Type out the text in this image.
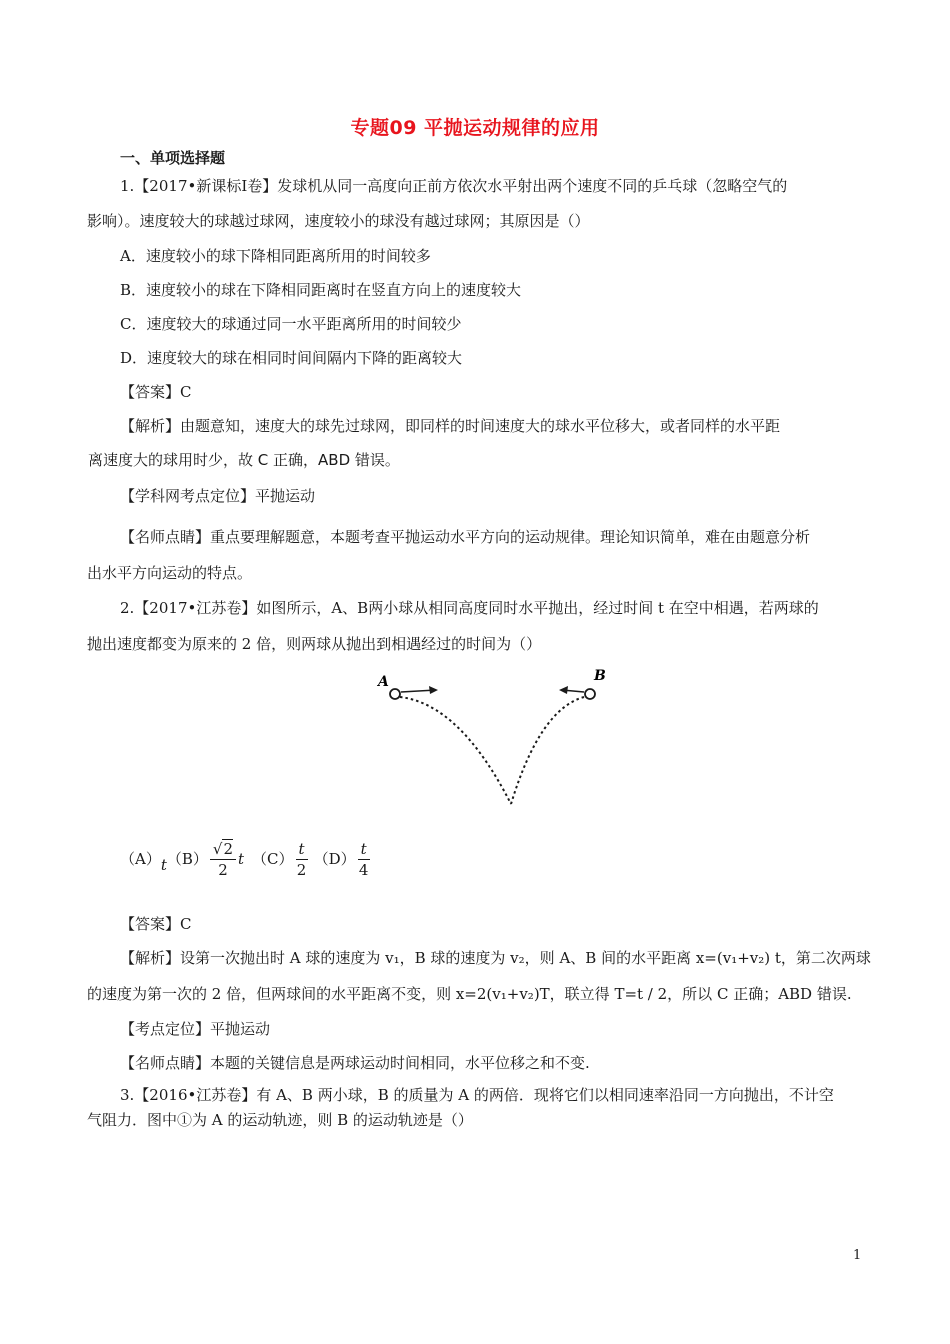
专题09 平抛运动规律的应用
一、单项选择题
1.【2017•新课标Ⅰ卷】发球机从同一高度向正前方依次水平射出两个速度不同的乒乓球（忽略空气的
影响）。速度较大的球越过球网，速度较小的球没有越过球网；其原因是（）
A．速度较小的球下降相同距离所用的时间较多
B．速度较小的球在下降相同距离时在竖直方向上的速度较大
C．速度较大的球通过同一水平距离所用的时间较少
D．速度较大的球在相同时间间隔内下降的距离较大
【答案】C
【解析】由题意知，速度大的球先过球网，即同样的时间速度大的球水平位移大，或者同样的水平距
离速度大的球用时少，故 C 正确，ABD 错误。
【学科网考点定位】平抛运动
【名师点睛】重点要理解题意，本题考查平抛运动水平方向的运动规律。理论知识简单，难在由题意分析
出水平方向运动的特点。
2.【2017•江苏卷】如图所示，A、B两小球从相同高度同时水平抛出，经过时间 t 在空中相遇，若两球的
抛出速度都变为原来的 2 倍，则两球从抛出到相遇经过的时间为（）
A	B
$(A)t(B) \frac{√2}{2}$ t $(C) \frac{t}{2} (D) \frac{t}{4}$
【答案】C
【解析】设第一次抛出时 A 球的速度为 v₁，B 球的速度为 v₂，则 A、B 间的水平距离 x=(v₁+v₂) t，第二次两球
的速度为第一次的 2 倍，但两球间的水平距离不变，则 x=2(v₁+v₂)T，联立得 T=t / 2，所以 C 正确；ABD 错误.
【考点定位】平抛运动
【名师点睛】本题的关键信息是两球运动时间相同，水平位移之和不变.
3.【2016•江苏卷】有 A、B 两小球，B 的质量为 A 的两倍．现将它们以相同速率沿同一方向抛出，不计空
气阻力．图中①为 A 的运动轨迹，则 B 的运动轨迹是（）
1
